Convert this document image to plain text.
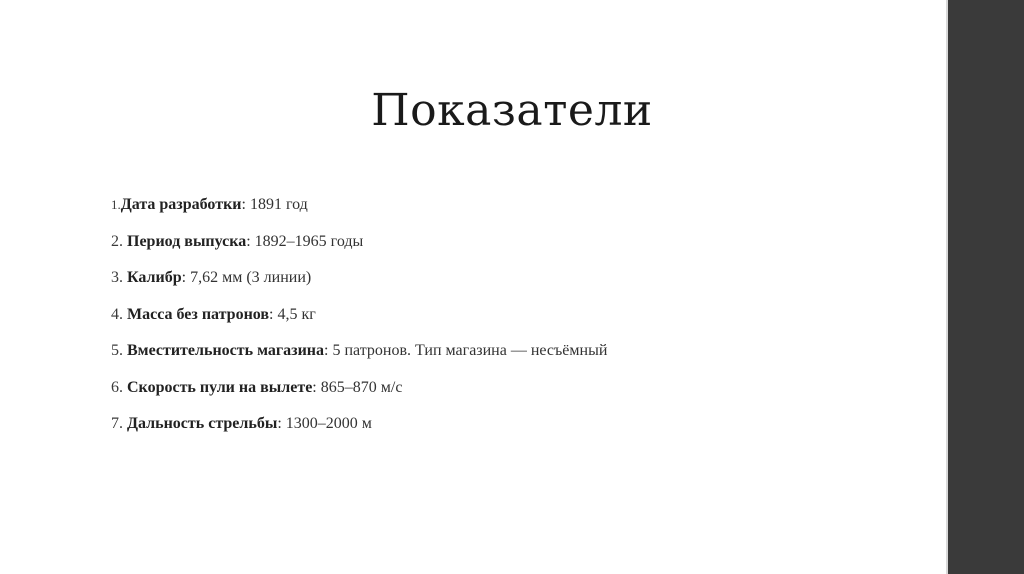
Показатели
1.Дата разработки: 1891 год
2. Период выпуска: 1892–1965 годы
3. Калибр: 7,62 мм (3 линии)
4. Масса без патронов: 4,5 кг
5. Вместительность магазина: 5 патронов. Тип магазина — несъёмный
6. Скорость пули на вылете: 865–870 м/с
7. Дальность стрельбы: 1300–2000 м
